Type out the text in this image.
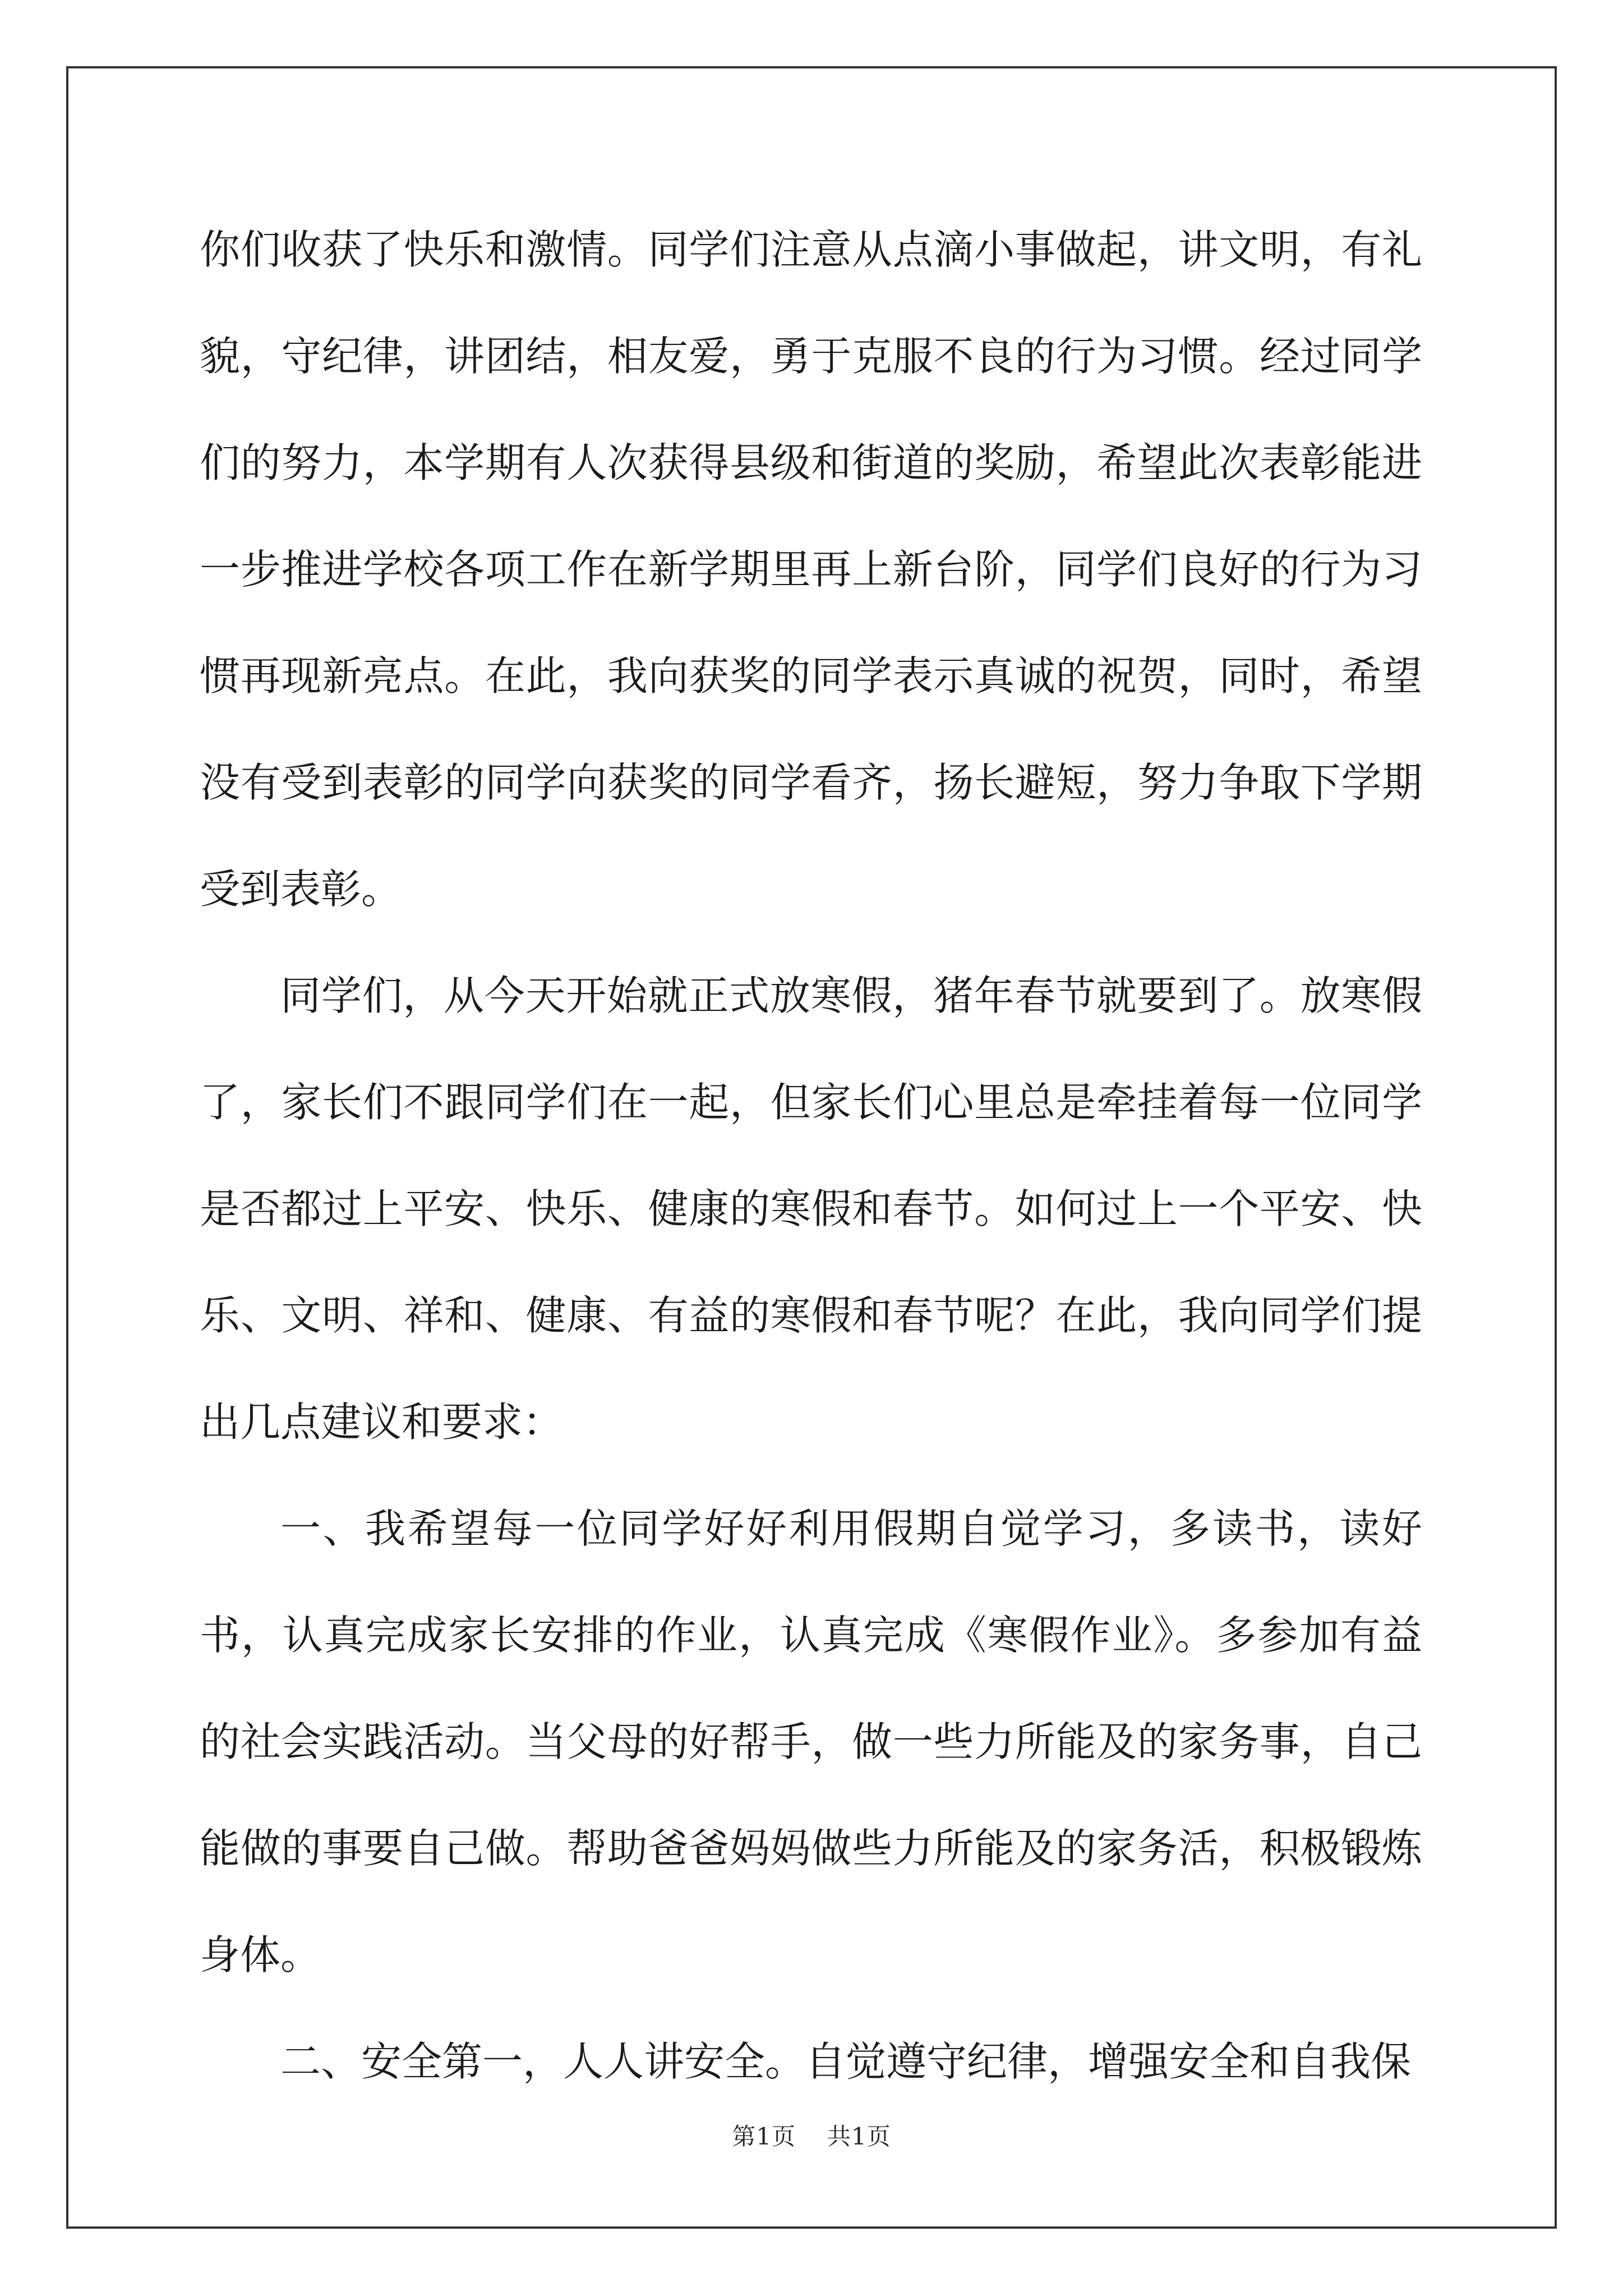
你们收获了快乐和激情。同学们注意从点滴小事做起，讲文明，有礼貌，守纪律，讲团结，相友爱，勇于克服不良的行为习惯。经过同学们的努力，本学期有人次获得县级和街道的奖励，希望此次表彰能进一步推进学校各项工作在新学期里再上新台阶，同学们良好的行为习惯再现新亮点。在此，我向获奖的同学表示真诚的祝贺，同时，希望没有受到表彰的同学向获奖的同学看齐，扬长避短，努力争取下学期受到表彰。

同学们，从今天开始就正式放寒假，猪年春节就要到了。放寒假了，家长们不跟同学们在一起，但家长们心里总是牵挂着每一位同学是否都过上平安、快乐、健康的寒假和春节。如何过上一个平安、快乐、文明、祥和、健康、有益的寒假和春节呢？在此，我向同学们提出几点建议和要求：

一、我希望每一位同学好好利用假期自觉学习，多读书，读好书，认真完成家长安排的作业，认真完成《寒假作业》。多参加有益的社会实践活动。当父母的好帮手，做一些力所能及的家务事，自己能做的事要自己做。帮助爸爸妈妈做些力所能及的家务活，积极锻炼身体。

二、安全第一，人人讲安全。自觉遵守纪律，增强安全和自我保

第1页 共1页
